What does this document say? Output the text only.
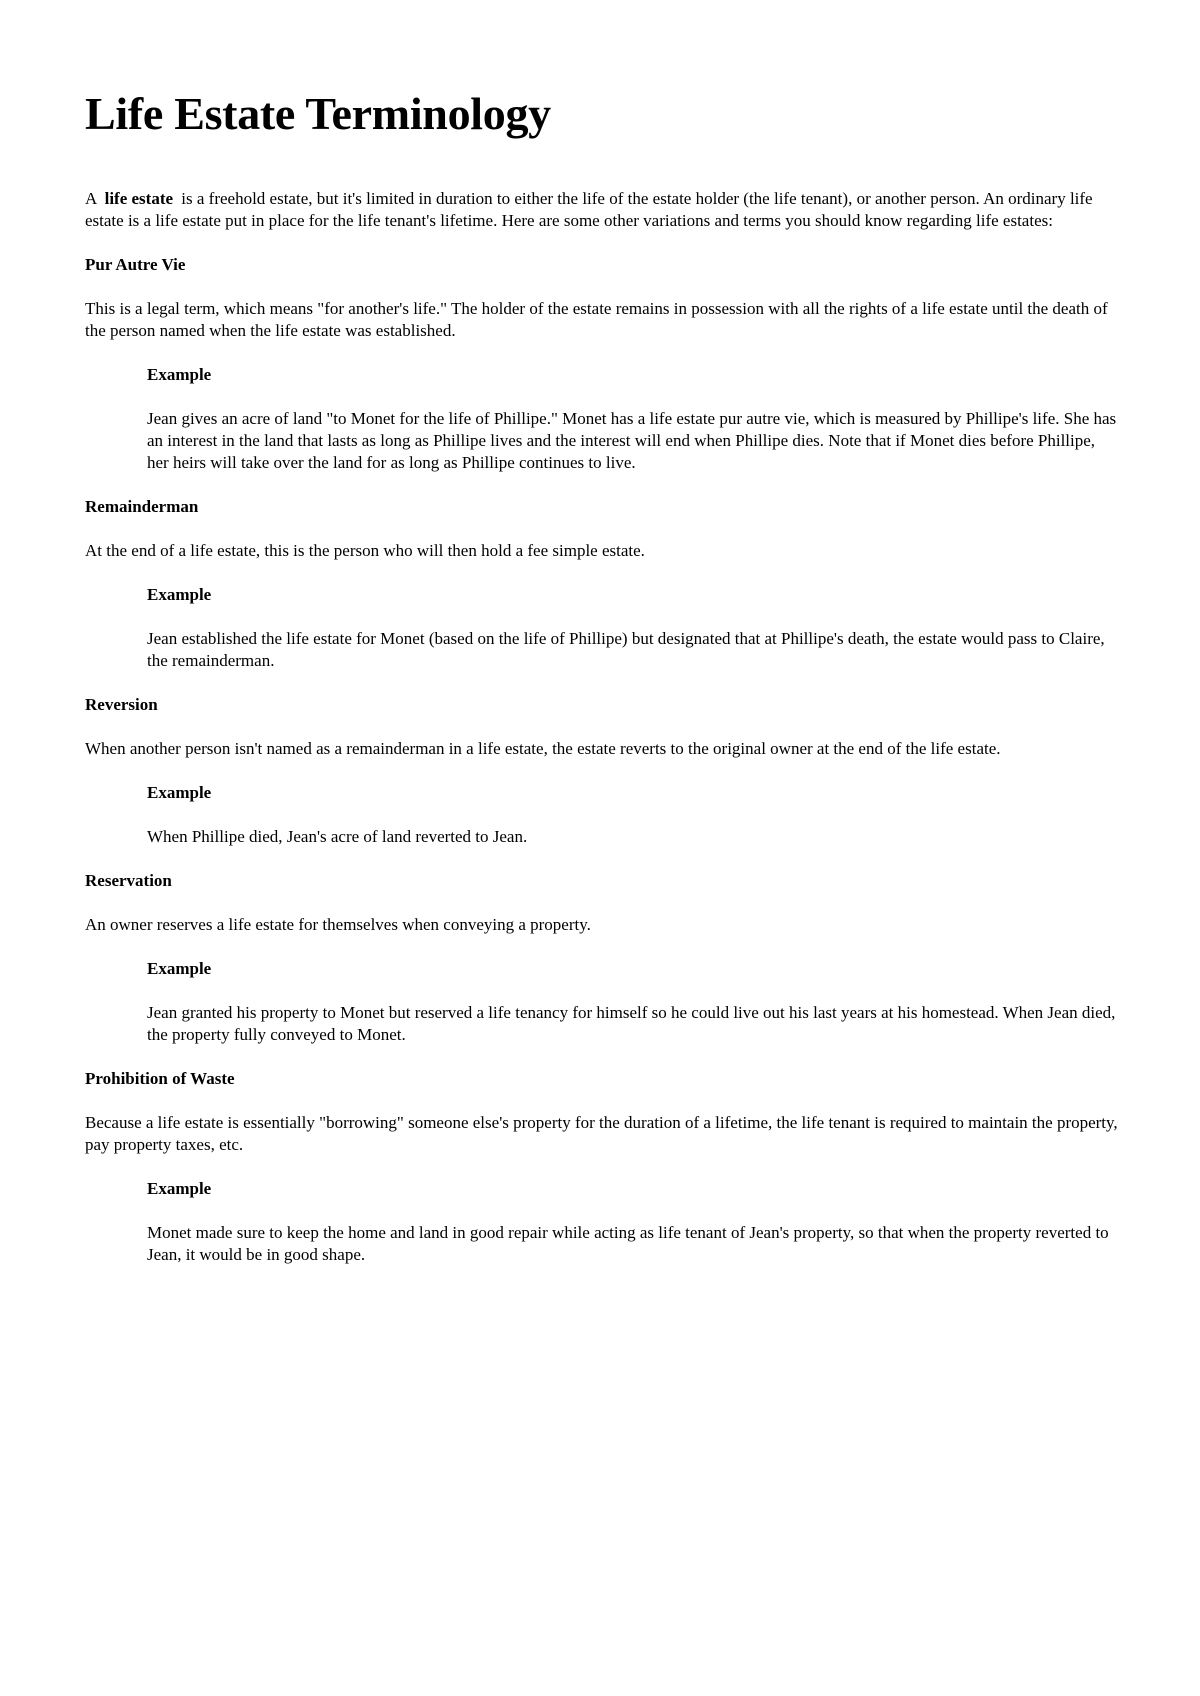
Life Estate Terminology

A life estate is a freehold estate, but it's limited in duration to either the life of the estate holder (the life tenant), or another person. An ordinary life estate is a life estate put in place for the life tenant's lifetime. Here are some other variations and terms you should know regarding life estates:

Pur Autre Vie

This is a legal term, which means "for another's life." The holder of the estate remains in possession with all the rights of a life estate until the death of the person named when the life estate was established.

Example

Jean gives an acre of land "to Monet for the life of Phillipe." Monet has a life estate pur autre vie, which is measured by Phillipe's life. She has an interest in the land that lasts as long as Phillipe lives and the interest will end when Phillipe dies. Note that if Monet dies before Phillipe, her heirs will take over the land for as long as Phillipe continues to live.

Remainderman

At the end of a life estate, this is the person who will then hold a fee simple estate.

Example

Jean established the life estate for Monet (based on the life of Phillipe) but designated that at Phillipe's death, the estate would pass to Claire, the remainderman.

Reversion

When another person isn't named as a remainderman in a life estate, the estate reverts to the original owner at the end of the life estate.

Example

When Phillipe died, Jean's acre of land reverted to Jean.

Reservation

An owner reserves a life estate for themselves when conveying a property.

Example

Jean granted his property to Monet but reserved a life tenancy for himself so he could live out his last years at his homestead. When Jean died, the property fully conveyed to Monet.

Prohibition of Waste

Because a life estate is essentially "borrowing" someone else's property for the duration of a lifetime, the life tenant is required to maintain the property, pay property taxes, etc.

Example

Monet made sure to keep the home and land in good repair while acting as life tenant of Jean's property, so that when the property reverted to Jean, it would be in good shape.
